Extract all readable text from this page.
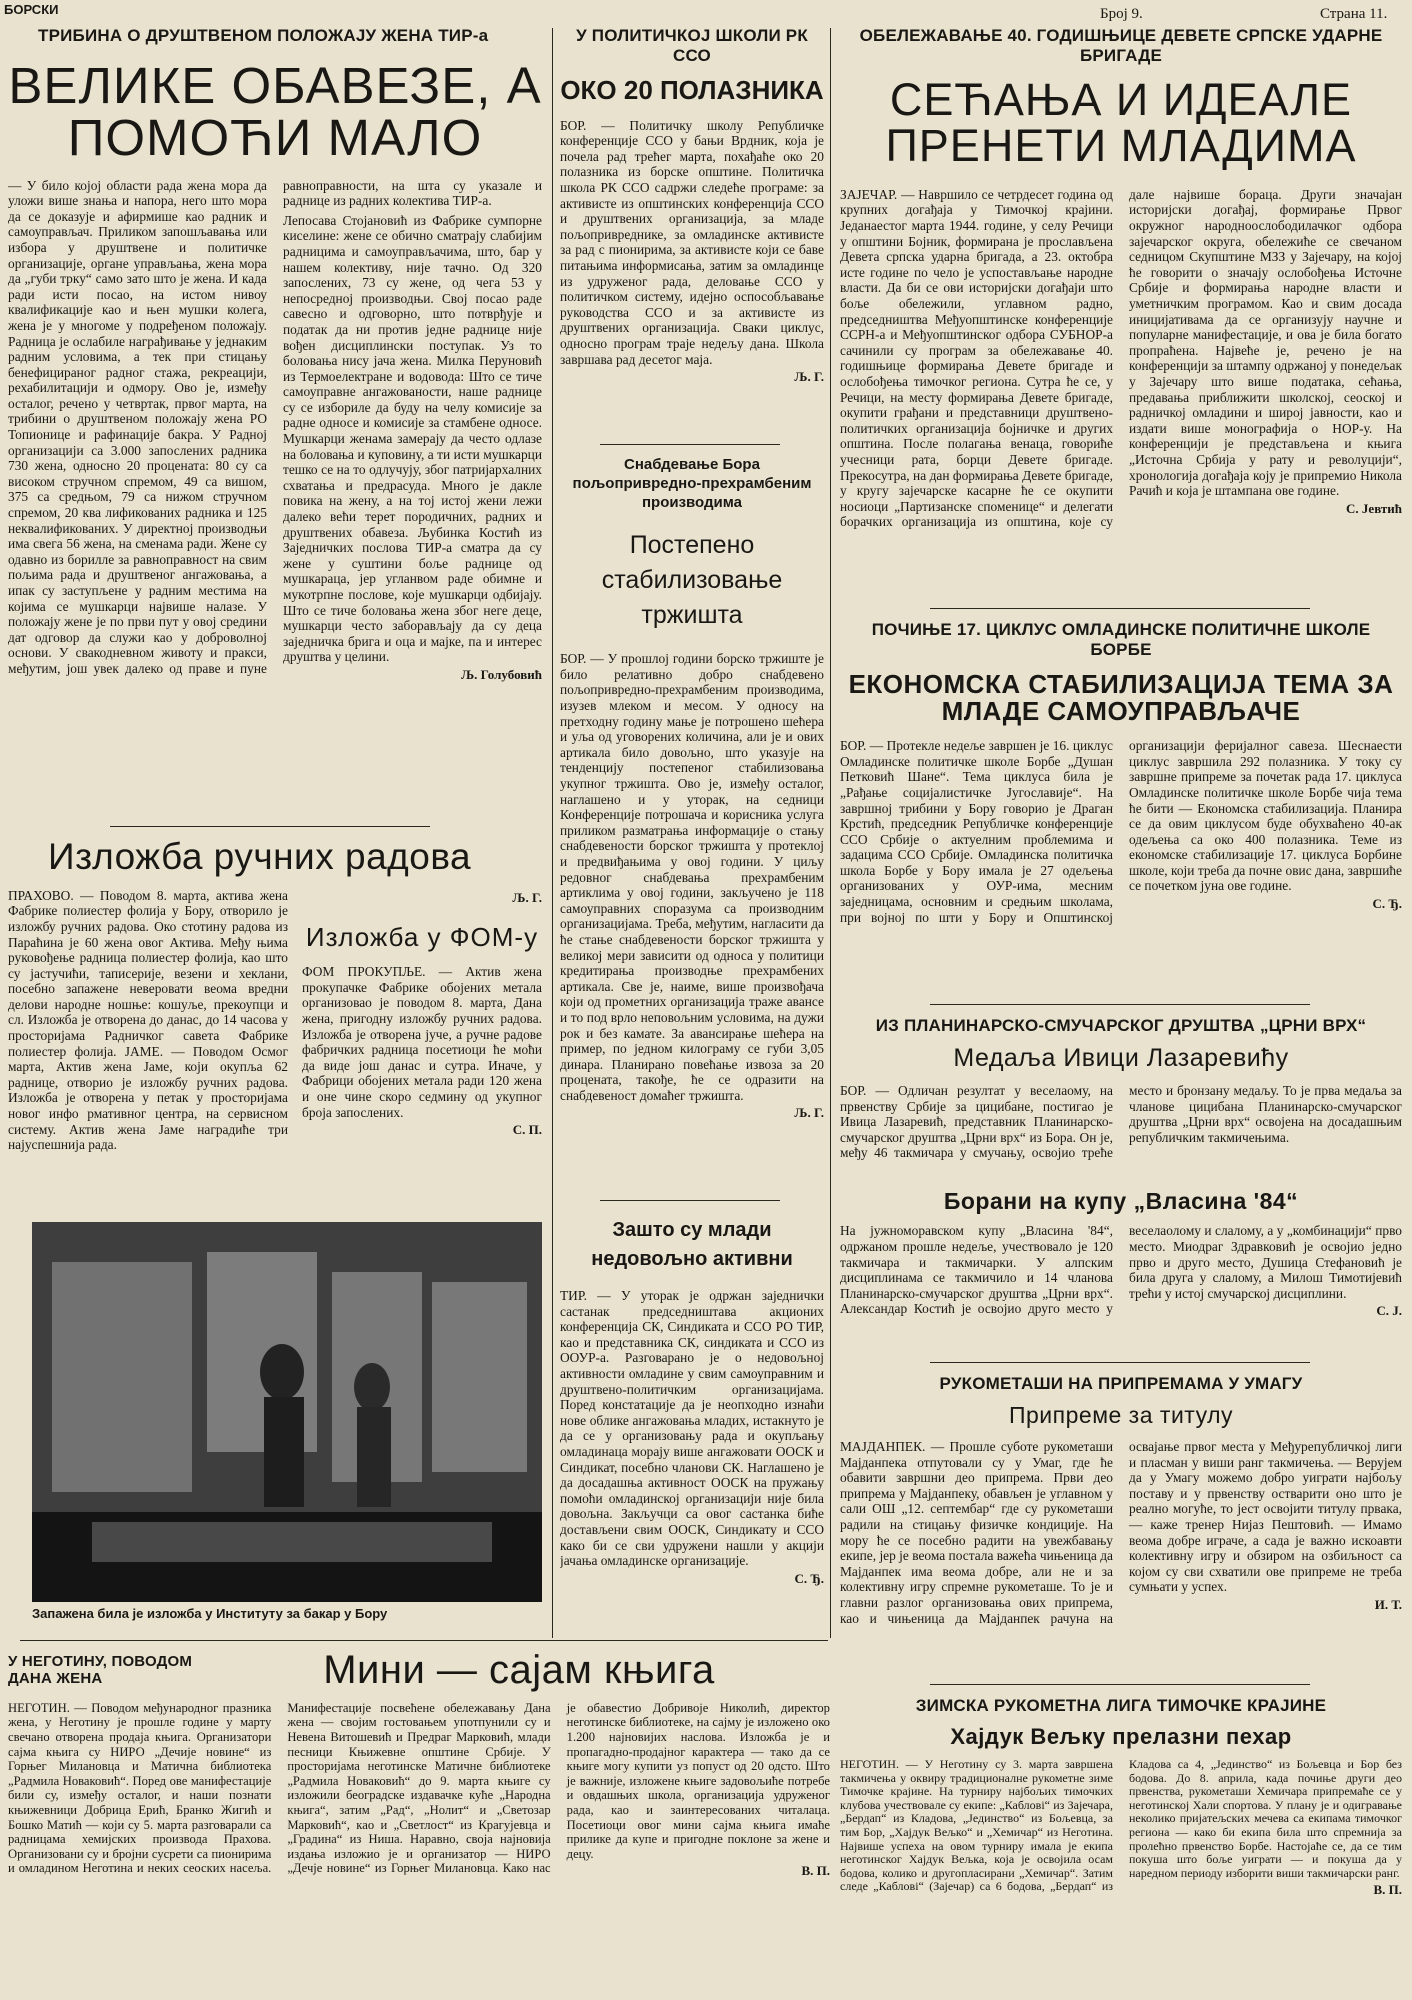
БОРСКИ	Број 9.	Страна 11.
ТРИБИНА О ДРУШТВЕНОМ ПОЛОЖАЈУ ЖЕНА ТИР-а
ВЕЛИКЕ ОБАВЕЗЕ, А ПОМОЋИ МАЛО
— У било којој области рада жена мора да уложи више знања и напора, него што мора да се доказује и афирмише као радник и самоуправљач. Приликом запошљавања или избора у друштвене и политичке организације, органе управљања, жена мора да „губи трку“ само зато што је жена. И када ради исти посао, на истом нивоу квалификације као и њен мушки колега, жена је у многоме у подређеном положају. Радница је ослабиле награђивање у једнаким радним условима, а тек при стицању бенефицираног радног стажа, рекреацији, рехабилитацији и одмору. Ово је, између осталог, речено у четвртак, првог марта, на трибини о друштвеном положају жена РО Топионице и рафинације бакра. У Радној организацији са 3.000 запослених радника 730 жена, односно 20 процената: 80 су са високом стручном спремом, 49 са вишом, 375 са средњом, 79 са нижом стручном спремом, 20 ква лификованих радника и 125 неквалификованих. У директној производњи има свега 56 жена, на сменама ради. Жене су одавно из борилле за равноправност на свим пољима рада и друштвеног ангажовања, а ипак су заступљене у радним местима на којима се мушкарци највише налазе. У положају жене је по први пут у овој средини дат одговор да служи као у доброволној основи. У свакодневном животу и пракси, међутим, још увек далеко од праве и пуне равноправности, на шта су указале и раднице из радних колектива ТИР-а.
Лепосава Стојановић из Фабрике сумпорне киселине: жене се обично сматрају слабијим радницима и самоуправљачима, што, бар у нашем колективу, није тачно. Од 320 запослених, 73 су жене, од чега 53 у непосредној производњи. Свој посао раде савесно и одговорно, што потврђује и податак да ни против једне раднице није вођен дисциплински поступак. Уз то боловања нису јача жена. Милка Перуновић из Термоелектране и водовода: Што се тиче самоуправне ангажованости, наше раднице су се изборилe да буду на челу комисије за радне односе и комисије за стамбене односе. Мушкарци женама замерају да често одлазе на боловања и куповину, а ти исти мушкарци тешко се на то одлучују, због патријархалних схватања и предрасуда. Много је дакле повика на жену, а на тој истој жени лежи далеко већи терет породичних, радних и друштвених обавеза. Љубинка Костић из Заједничких послова ТИР-а сматра да су жене у суштини боље раднице од мушкараца, јер угланвом раде обимне и мукотрпне послове, које мушкарци одбијају. Што се тиче боловања жена због неге деце, мушкарци често заборављају да су деца заједничка брига и оца и мајке, па и интерес друштва у целини.
Љ. Голубовић
Изложба ручних радова
ПРАХОВО. — Поводом 8. марта, активa жена Фабрике полиестер фолија у Бору, отворило је изложбу ручних радова. Око стотину радова из Параћина је 60 жена овог Актива. Међу њима руковођење радница полиестер фолија, као што су јастучићи, таписерије, везени и хеклани, посебно запажене неверовати веома вредни делови народне ношње: кошуље, прекоупци и сл. Изложба је отворена до данас, до 14 часова у просторијама Радничког савета Фабрике полиестер фолија. ЈАМЕ. — Поводом Осмог марта, Актив жена Јаме, који окупља 62 раднице, отворио је изложбу ручних радова. Изложба је отворена у петак у просторијама новог инфо рмативног центра, на сервисном систему. Актив жена Јаме наградиће три најуспешнија рада.
Љ. Г.
Изложба у ФОМ-у
ФОМ ПРОКУПЉЕ. — Актив жена прокупачке Фабрике обојених метала организовао је поводом 8. марта, Дана жена, пригодну изложбу ручних радова. Изложба је отворена јуче, а ручне радове фабричких радница посетиоци ће моћи да виде још данас и сутра. Иначе, у Фабрици обојених метала ради 120 жена и оне чине скоро седмину од укупног броја запослених.
С. П.
Запажена била је изложба у Институту за бакар у Бору
У ПОЛИТИЧКОЈ ШКОЛИ РК ССО
ОКО 20 ПОЛАЗНИКА
БОР. — Политичку школу Републичке конференције ССО у бањи Врдник, која је почела рад трећег марта, похађаће око 20 полазника из борске општине. Политичка школа РК ССО садржи следеће програме: за активисте из општинских конференција ССО и друштвених организација, за младе пољопривреднике, за омладинске активисте за рад с пионирима, за активисте који се баве питањима информисања, затим за омладинце из удруженог рада, деловање ССО у политичком систему, идејно оспособљавање руководства ССО и за активисте из друштвених организација. Сваки циклус, односно програм траје недељу дана. Школа завршава рад десетог маја.
Љ. Г.
Снабдевање Бора пољопривредно-прехрамбеним производима
Постепено стабилизовање тржишта
БОР. — У прошлој години борско тржиште је било релативно добро снабдевено пољопривредно-прехрамбеним производима, изузев млеком и месом. У односу на претходну годину мање је потрошено шећера и уља од уговорених количина, али је и ових артикала било довољно, што указује на тенденцију постепеног стабилизовања укупног тржишта. Ово је, између осталог, наглашено и у уторак, на седници Конференције потрошача и корисника услуга приликом разматрања информације о стању снабдевености борског тржишта у протеклој и предвиђањима у овој години. У циљу редовног снабдевања прехрамбеним артиклима у овој години, закључено је 118 самоуправних споразума са производним организацијама. Треба, међутим, нагласити да ће стање снабдевености борског тржишта у великој мери зависити од односа у политици кредитирања производње прехрамбених артикала. Све је, наиме, више произвођача који од прометних организација траже авансе и то под врло неповољним условима, на дужи рок и без камате. За авансирање шећера на пример, по једном килограму се губи 3,05 динара. Планирано повећање извоза за 20 процената, такође, ће се одразити на снабдевеност домаћег тржишта.
Љ. Г.
Зашто су млади недовољно активни
ТИР. — У уторак је одржан заједнички састанак председништава акционих конференција СК, Синдиката и ССО РО ТИР, као и представника СК, синдиката и ССО из ООУР-а. Разговарано је о недовољној активности омладине у свим самоуправним и друштвено-политичким организацијама. Поред констатације да је неопходно изнаћи нове облике ангажовања младих, истакнуто је да се у организовању рада и окупљању омладинаца морају више ангажовати ООСК и Синдикат, посебно чланови СК. Наглашено је да досадашња активност ООСК на пружању помоћи омладинској организацији није била довољна. Закључци са овог састанка биће достављени свим ООСК, Синдикату и ССО како би се сви удружени нашли у акцији јачања омладинске организације.
С. Ђ.
ОБЕЛЕЖАВАЊЕ 40. ГОДИШЊИЦЕ ДЕВЕТЕ СРПСКЕ УДАРНЕ БРИГАДЕ
СЕЋАЊА И ИДЕАЛЕ ПРЕНЕТИ МЛАДИМА
ЗАЈЕЧАР. — Навршило се четрдесет година од крупних догађаја у Тимочкој крајини. Једанаестог марта 1944. године, у селу Речици у општини Бојник, формирана је прослављена Девета српска ударна бригада, а 23. октобра исте године по чело је успостављање народне власти. Да би се ови историјски догађаји што боље обележили, углавном радно, председништва Међуопштинске конференције ССРН-а и Међуопштинског одбора СУБНОР-а сачинили су програм за обележавање 40. годишњице формирања Девете бригаде и ослобођења тимочког региона. Сутра ће се, у Речици, на месту формирања Девете бригаде, окупити грађани и представници друштвено-политичких организација бојничке и других општина. После полагања венаца, говориће учесници рата, борци Девете бригаде. Прекосутра, на дан формирања Девете бригаде, у кругу зајечарске касарне ће се окупити носиоци „Партизанске споменице“ и делегати борачких организација из општина, које су дале највише бораца. Други значајан историјски догађај, формирање Првог окружног народноослободилачког одбора зајечарског округа, обележиће се свечаном седницом Скупштине МЗЗ у Зајечару, на којој ће говорити о значају ослобођења Источне Србије и формирања народне власти и уметничким програмом. Као и свим досада иницијативама да се организују научне и популарне манифестације, и ова је била богато пропраћена. Највеће је, речено је на конференцији за штампу одржаној у понедељак у Зајечару што више података, сећања, предавања приближити школској, сеоској и радничкој омладини и широј јавности, као и издати више монографија о НОР-у. На конференцији је представљена и књига „Источна Србија у рату и револуцији“, хронологија догађаја коју је припремио Никола Рачић и која је штампана ове године.
С. Јевтић
ПОЧИЊЕ 17. ЦИКЛУС ОМЛАДИНСКЕ ПОЛИТИЧНЕ ШКОЛЕ БОРБЕ
ЕКОНОМСКА СТАБИЛИЗАЦИЈА ТЕМА ЗА МЛАДЕ САМОУПРАВЉАЧЕ
БОР. — Протекле недеље завршен је 16. циклус Омладинске политичке школе Борбе „Душан Петковић Шане“. Тема циклуса била је „Рађање социјалистичке Југославије“. На завршној трибини у Бору говорио је Драган Крстић, председник Републичке конференције ССО Србије о актуелним проблемима и задацима ССО Србије. Омладинска политичка школа Борбе у Бору имала је 27 одељења организованих у ОУР-има, месним заједницама, основним и средњим школама, при војној по шти у Бору и Општинској организацији феријалног савеза. Шеснаести циклус завршила 292 полазника. У току су завршне припреме за почетак рада 17. циклуса Омладинске политичке школе Борбе чија тема ће бити — Економска стабилизација. Планира се да овим циклусом буде обухваћено 40-ак одељења са око 400 полазника. Теме из економске стабилизације 17. циклуса Борбине школе, који треба да почне овис дана, завршиће се почетком јуна ове године.
С. Ђ.
ИЗ ПЛАНИНАРСКО-СМУЧАРСКОГ ДРУШТВА „ЦРНИ ВРХ“
Медаља Ивици Лазаревићу
БОР. — Одличан резултат у веселаому, на првенству Србије за цицибане, постигао је Ивица Лазаревић, представник Планинарско-смучарског друштва „Црни врх“ из Бора. Он је, међу 46 такмичара у смучању, освојио треће место и бронзану медаљу. То је прва медаља за чланове цицибана Планинарско-смучарског друштва „Црни врх“ освојена на досадашњим републичким такмичењима.
Борани на купу „Власина '84“
На јужноморавском купу „Власина '84“, одржаном прошле недеље, учествовало је 120 такмичара и такмичарки. У алпским дисциплинама се такмичило и 14 чланова Планинарско-смучарског друштва „Црни врх“. Александар Костић је освојио друго место у веселаолому и слалому, а у „комбинацији“ прво место. Миодраг Здравковић је освојио једно прво и друго место, Душица Стефановић је била друга у слалому, а Милош Тимотијевић трећи у истој смучарској дисциплини.
С. Ј.
РУКОМЕТАШИ НА ПРИПРЕМАМА У УМАГУ
Припреме за титулу
МАЈДАНПЕК. — Прошле суботе рукометаши Мајданпека отпутовали су у Умаг, где ће обавити завршни део припрема. Први део припрема у Мајданпеку, обављен је углавном у сали ОШ „12. септембар“ где су рукометаши радили на стицању физичке кондиције. На мору ће се посебно радити на увежбавању екипе, јер је веома постала важећа чињеница да Мајданпек има веома добре, али не и за колективну игру спремне рукометаше. То је и главни разлог организовања ових припрема, као и чињеница да Мајданпек рачуна на освајање првог места у Међурепубличкој лиги и пласман у виши ранг такмичења. — Верујем да у Умагу можемо добро уиграти најбољу поставу и у првенству остварити оно што је реално могуће, то јест освојити титулу првака, — каже тренер Нијаз Пештовић. — Имамо веома добре играче, а сада је важно искоавти колективну игру и обзиром на озбиљност са којом су сви схватили ове припреме не треба сумњати у успех.
И. Т.
ЗИМСКА РУКОМЕТНА ЛИГА ТИМОЧКЕ КРАЈИНЕ
Хајдук Вељку прелазни пехар
НЕГОТИН. — У Неготину су 3. марта завршена такмичења у оквиру традиционалне рукометне зиме Тимочке крајине. На турниру најбољих тимочких клубова учествовале су екипе: „Кабловi“ из Зајечара, „Бердап“ из Кладова, „Јединство“ из Бољевца, за тим Бор, „Хајдук Вељко“ и „Хемичар“ из Неготина. Највише успеха на овом турниру имала је екипа неготинског Хајдук Вељка, која је освојила осам бодова, колико и другопласирани „Хемичар“. Затим следе „Кабловi“ (Зајечар) са 6 бодова, „Бердап“ из Кладова са 4, „Јединство“ из Бољевца и Бор без бодова. До 8. априла, када почиње други део првенства, рукометаши Хемичара припремаће се у неготинској Хали спортова. У плану је и одигравање неколико пријатељских мечева са екипама тимочког региона — како би екипа била што спремнија за пролећно првенство Борбе. Настојаће се, да се тим покуша што боље уиграти — и покуша да у наредном периоду изборити виши такмичарски ранг.
В. П.
У НЕГОТИНУ, ПОВОДОМ ДАНА ЖЕНА	Мини — сајам књига
НЕГОТИН. — Поводом међународног празника жена, у Неготину је прошле године у марту свечано отворена продаја књига. Организатори сајма књига су НИРО „Дечије новине“ из Горњег Милановца и Матична библиотека „Радмила Новаковић“. Поред ове манифестације били су, између осталог, и наши познати књижевници Добрица Ерић, Бранко Жигић и Бошко Матић — који су 5. марта разговарали са радницама хемијских производа Прахова. Организовани су и бројни сусрети са пионирима и омладином Неготина и неких сеоских насеља. Манифестације посвећене обележавању Дана жена — својим гостовањем употпунили су и Невена Витошевић и Предраг Марковић, млади песници Књижевне општине Србије. У просторијама неготинске Матичне библиотеке „Радмила Новаковић“ до 9. марта књиге су изложили београдске издавачке куће „Народна књига“, затим „Рад“, „Нолит“ и „Светозар Марковић“, као и „Светлост“ из Крагујевца и „Градина“ из Ниша. Наравно, своја најновија издања изложио је и организатор — НИРО „Дечје новине“ из Горњег Милановца. Како нас је обавестио Добривоје Николић, директор неготинске библиотеке, на сајму је изложено око 1.200 најновијих наслова. Изложба је и пропагадно-продајног карактера — тако да се књиге могу купити уз попуст од 20 одсто. Што је важније, изложене књиге задовољиће потребе и овдашњих школа, организација удруженог рада, као и заинтересованих читалаца. Посетиоци овог мини сајма књига имаће прилике да купе и пригодне поклоне за жене и децу.
В. П.
